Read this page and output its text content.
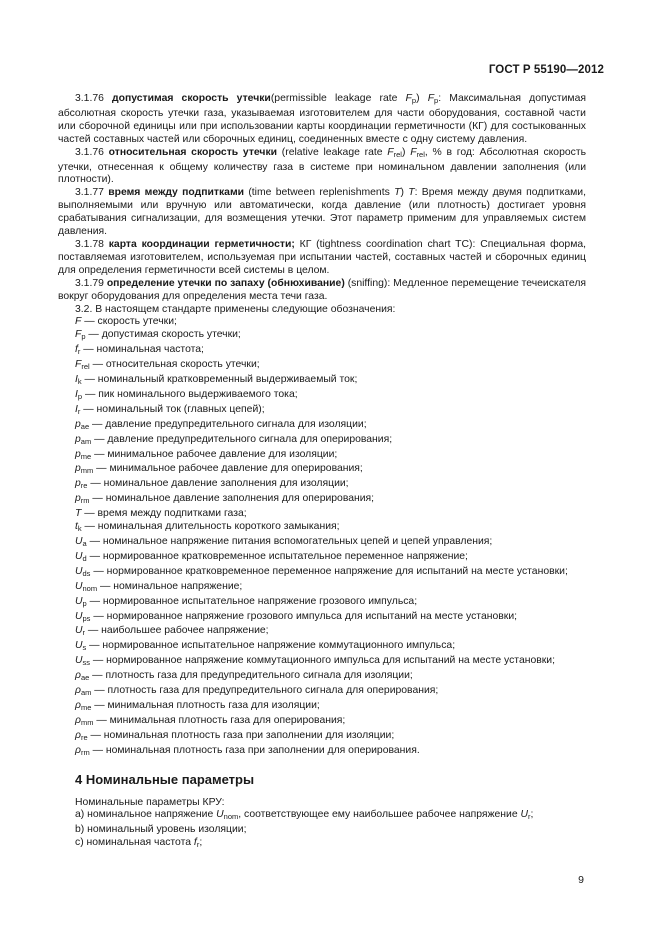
ГОСТ Р 55190—2012

3.1.76 допустимая скорость утечки(permissible leakage rate $F_p$) $F_p$: Максимальная допустимая абсолютная скорость утечки газа, указываемая изготовителем для части оборудования, составной части или сборочной единицы или при использовании карты координации герметичности (КГ) для состыкованных частей составных частей или сборочных единиц, соединенных вместе с одну систему давления.

3.1.76 относительная скорость утечки (relative leakage rate $F_{rel}$) $F_{rel}$, % в год: Абсолютная скорость утечки, отнесенная к общему количеству газа в системе при номинальном давлении заполнения (или плотности).

3.1.77 время между подпитками (time between replenishments T) T: Время между двумя подпитками, выполняемыми или вручную или автоматически, когда давление (или плотность) достигает уровня срабатывания сигнализации, для возмещения утечки. Этот параметр применим для управляемых систем давления.

3.1.78 карта координации герметичности; КГ (tightness coordination chart TC): Специальная форма, поставляемая изготовителем, используемая при испытании частей, составных частей и сборочных единиц для определения герметичности всей системы в целом.

3.1.79 определение утечки по запаху (обнюхивание) (sniffing): Медленное перемещение течеискателя вокруг оборудования для определения места течи газа.

3.2. В настоящем стандарте применены следующие обозначения:

F — скорость утечки;
$F_p$ — допустимая скорость утечки;
$f_r$ — номинальная частота;
$F_{rel}$ — относительная скорость утечки;
$I_k$ — номинальный кратковременный выдерживаемый ток;
$I_p$ — пик номинального выдерживаемого тока;
$I_r$ — номинальный ток (главных цепей);
$p_{ae}$ — давление предупредительного сигнала для изоляции;
$p_{am}$ — давление предупредительного сигнала для оперирования;
$p_{me}$ — минимальное рабочее давление для изоляции;
$p_{mm}$ — минимальное рабочее давление для оперирования;
$p_{re}$ — номинальное давление заполнения для изоляции;
$p_{rm}$ — номинальное давление заполнения для оперирования;
T — время между подпитками газа;
$t_k$ — номинальная длительность короткого замыкания;
$U_a$ — номинальное напряжение питания вспомогательных цепей и цепей управления;
$U_d$ — нормированное кратковременное испытательное переменное напряжение;
$U_{ds}$ — нормированное кратковременное переменное напряжение для испытаний на месте установки;
$U_{nom}$ — номинальное напряжение;
$U_p$ — нормированное испытательное напряжение грозового импульса;
$U_{ps}$ — нормированное напряжение грозового импульса для испытаний на месте установки;
$U_r$ — наибольшее рабочее напряжение;
$U_s$ — нормированное испытательное напряжение коммутационного импульса;
$U_{ss}$ — нормированное напряжение коммутационного импульса для испытаний на месте установки;
$\rho_{ae}$ — плотность газа для предупредительного сигнала для изоляции;
$\rho_{am}$ — плотность газа для предупредительного сигнала для оперирования;
$\rho_{me}$ — минимальная плотность газа для изоляции;
$\rho_{mm}$ — минимальная плотность газа для оперирования;
$\rho_{re}$ — номинальная плотность газа при заполнении для изоляции;
$\rho_{rm}$ — номинальная плотность газа при заполнении для оперирования.
4 Номинальные параметры

Номинальные параметры КРУ:

a) номинальное напряжение $U_{nom}$, соответствующее ему наибольшее рабочее напряжение $U_r$;

b) номинальный уровень изоляции;

c) номинальная частота $f_r$;

9
